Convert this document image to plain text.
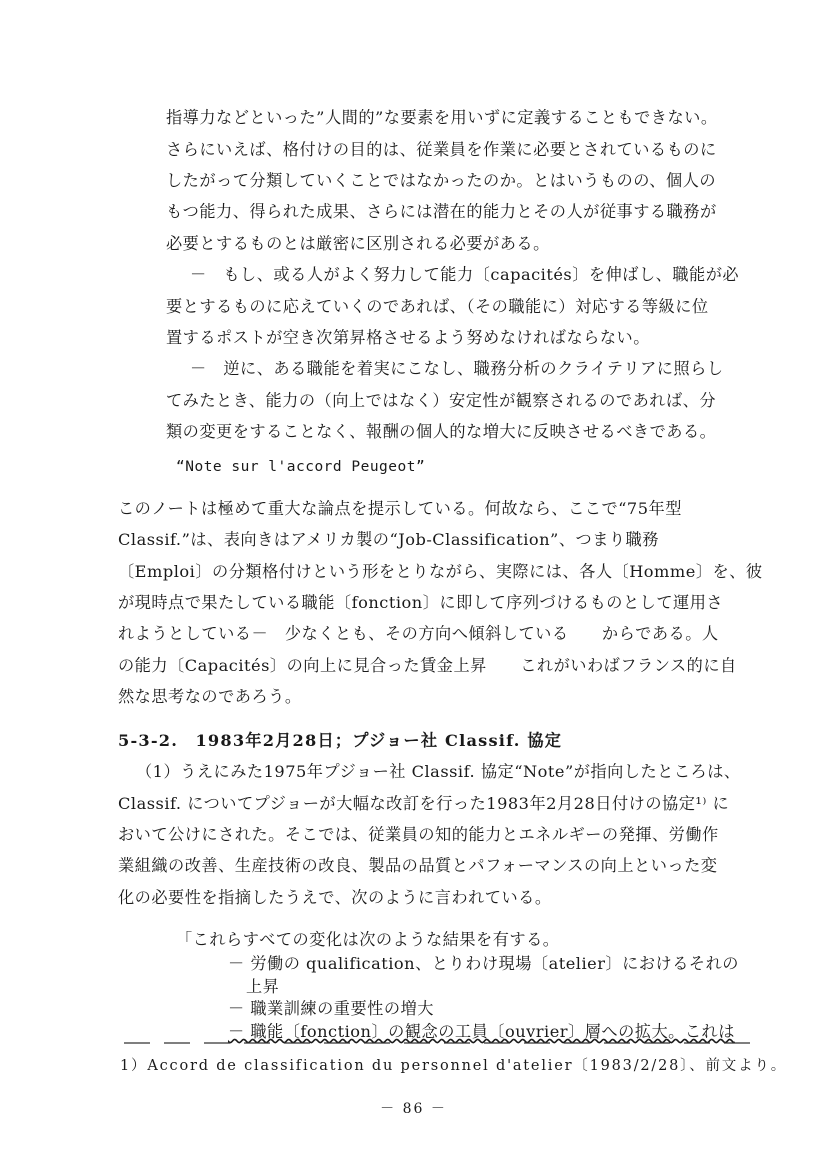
指導力などといった”人間的”な要素を用いずに定義することもできない。
さらにいえば、格付けの目的は、従業員を作業に必要とされているものに
したがって分類していくことではなかったのか。とはいうものの、個人の
もつ能力、得られた成果、さらには潜在的能力とその人が従事する職務が
必要とするものとは厳密に区別される必要がある。
－　もし、或る人がよく努力して能力〔capacités〕を伸ばし、職能が必
要とするものに応えていくのであれば、（その職能に）対応する等級に位
置するポストが空き次第昇格させるよう努めなければならない。
－　逆に、ある職能を着実にこなし、職務分析のクライテリアに照らし
てみたとき、能力の（向上ではなく）安定性が観察されるのであれば、分
類の変更をすることなく、報酬の個人的な増大に反映させるべきである。
“Note sur l'accord Peugeot”
このノートは極めて重大な論点を提示している。何故なら、ここで“75年型
Classif.”は、表向きはアメリカ製の“Job-Classification”、つまり職務
〔Emploi〕の分類格付けという形をとりながら、実際には、各人〔Homme〕を、彼
が現時点で果たしている職能〔fonction〕に即して序列づけるものとして運用さ
れようとしている－　少なくとも、その方向へ傾斜している　　からである。人
の能力〔Capacités〕の向上に見合った賃金上昇　　これがいわばフランス的に自
然な思考なのであろう。
5-3-2.　1983年2月28日；プジョー社 Classif. 協定
（1）うえにみた1975年プジョー社 Classif. 協定“Note”が指向したところは、
Classif. についてプジョーが大幅な改訂を行った1983年2月28日付けの協定¹⁾ に
おいて公けにされた。そこでは、従業員の知的能力とエネルギーの発揮、労働作
業組織の改善、生産技術の改良、製品の品質とパフォーマンスの向上といった変
化の必要性を指摘したうえで、次のように言われている。
「これらすべての変化は次のような結果を有する。
－ 労働の qualification、とりわけ現場〔atelier〕におけるそれの
上昇
－ 職業訓練の重要性の増大
－ 職能〔fonction〕の観念の工員〔ouvrier〕層への拡大。これは
1）Accord de classification du personnel d'atelier〔1983/2/28〕、前文より。
－ 86 －
